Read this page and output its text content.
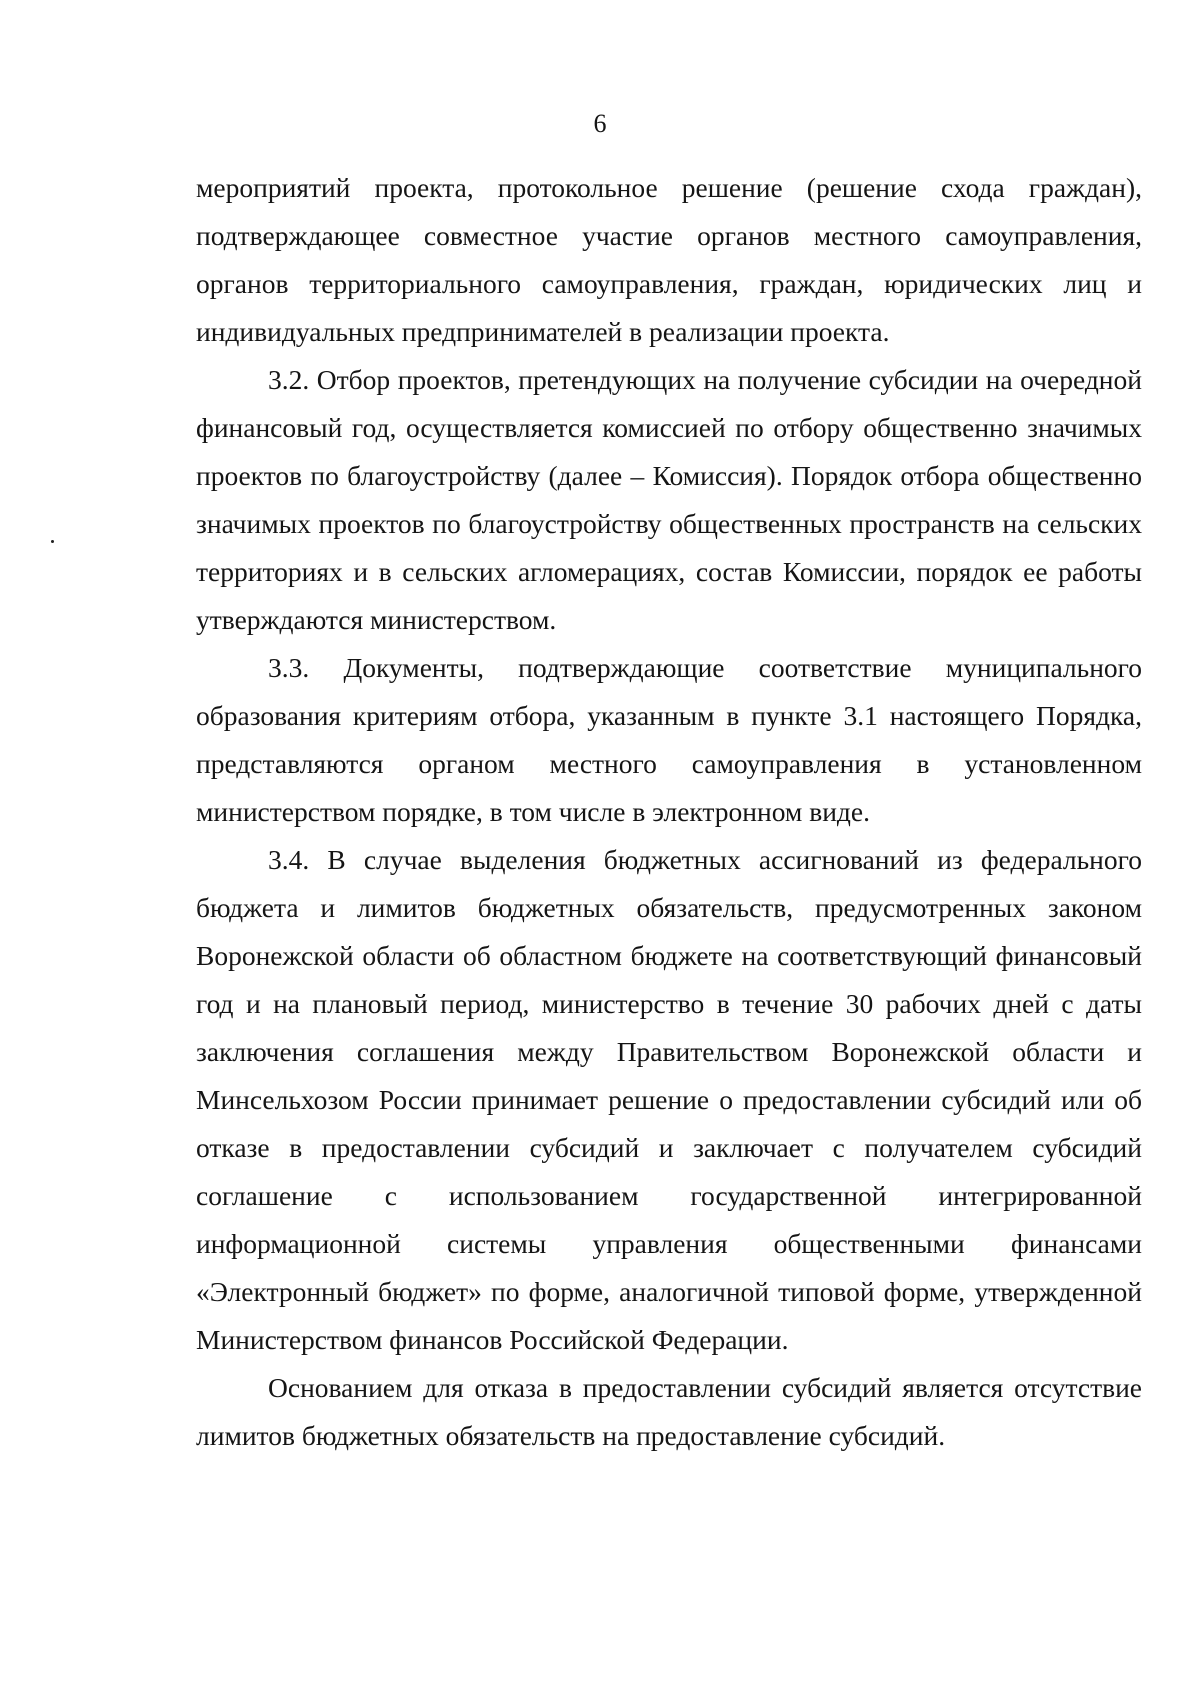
6

мероприятий проекта, протокольное решение (решение схода граждан), подтверждающее совместное участие органов местного самоуправления, органов территориального самоуправления, граждан, юридических лиц и индивидуальных предпринимателей в реализации проекта.

3.2. Отбор проектов, претендующих на получение субсидии на очередной финансовый год, осуществляется комиссией по отбору общественно значимых проектов по благоустройству (далее – Комиссия). Порядок отбора общественно значимых проектов по благоустройству общественных пространств на сельских территориях и в сельских агломерациях, состав Комиссии, порядок ее работы утверждаются министерством.

3.3. Документы, подтверждающие соответствие муниципального образования критериям отбора, указанным в пункте 3.1 настоящего Порядка, представляются органом местного самоуправления в установленном министерством порядке, в том числе в электронном виде.

3.4. В случае выделения бюджетных ассигнований из федерального бюджета и лимитов бюджетных обязательств, предусмотренных законом Воронежской области об областном бюджете на соответствующий финансовый год и на плановый период, министерство в течение 30 рабочих дней с даты заключения соглашения между Правительством Воронежской области и Минсельхозом России принимает решение о предоставлении субсидий или об отказе в предоставлении субсидий и заключает с получателем субсидий соглашение с использованием государственной интегрированной информационной системы управления общественными финансами «Электронный бюджет» по форме, аналогичной типовой форме, утвержденной Министерством финансов Российской Федерации.

Основанием для отказа в предоставлении субсидий является отсутствие лимитов бюджетных обязательств на предоставление субсидий.
